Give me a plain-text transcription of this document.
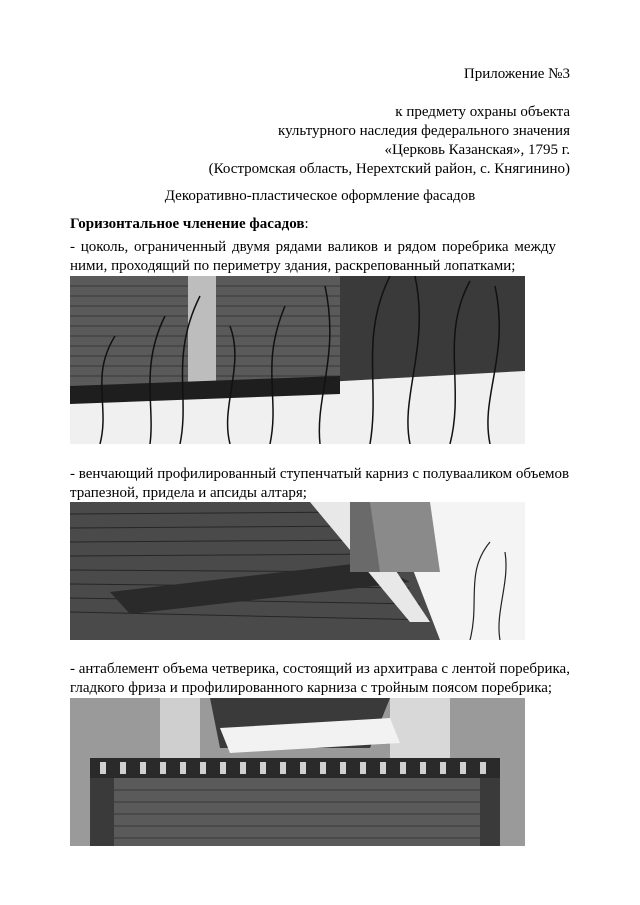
Приложение №3
к предмету охраны объекта
культурного наследия федерального значения
«Церковь Казанская», 1795 г.
(Костромская область, Нерехтский район, с. Княгинино)
Декоративно-пластическое оформление фасадов
Горизонтальное членение фасадов:
- цоколь, ограниченный двумя рядами валиков и рядом поребрика между
ними, проходящий по периметру здания, раскрепованный лопатками;
- венчающий профилированный ступенчатый карниз с полувааликом объемов
трапезной, придела и апсиды алтаря;
- антаблемент объема четверика, состоящий из архитрава с лентой поребрика,
гладкого фриза и профилированного карниза с тройным поясом поребрика;
